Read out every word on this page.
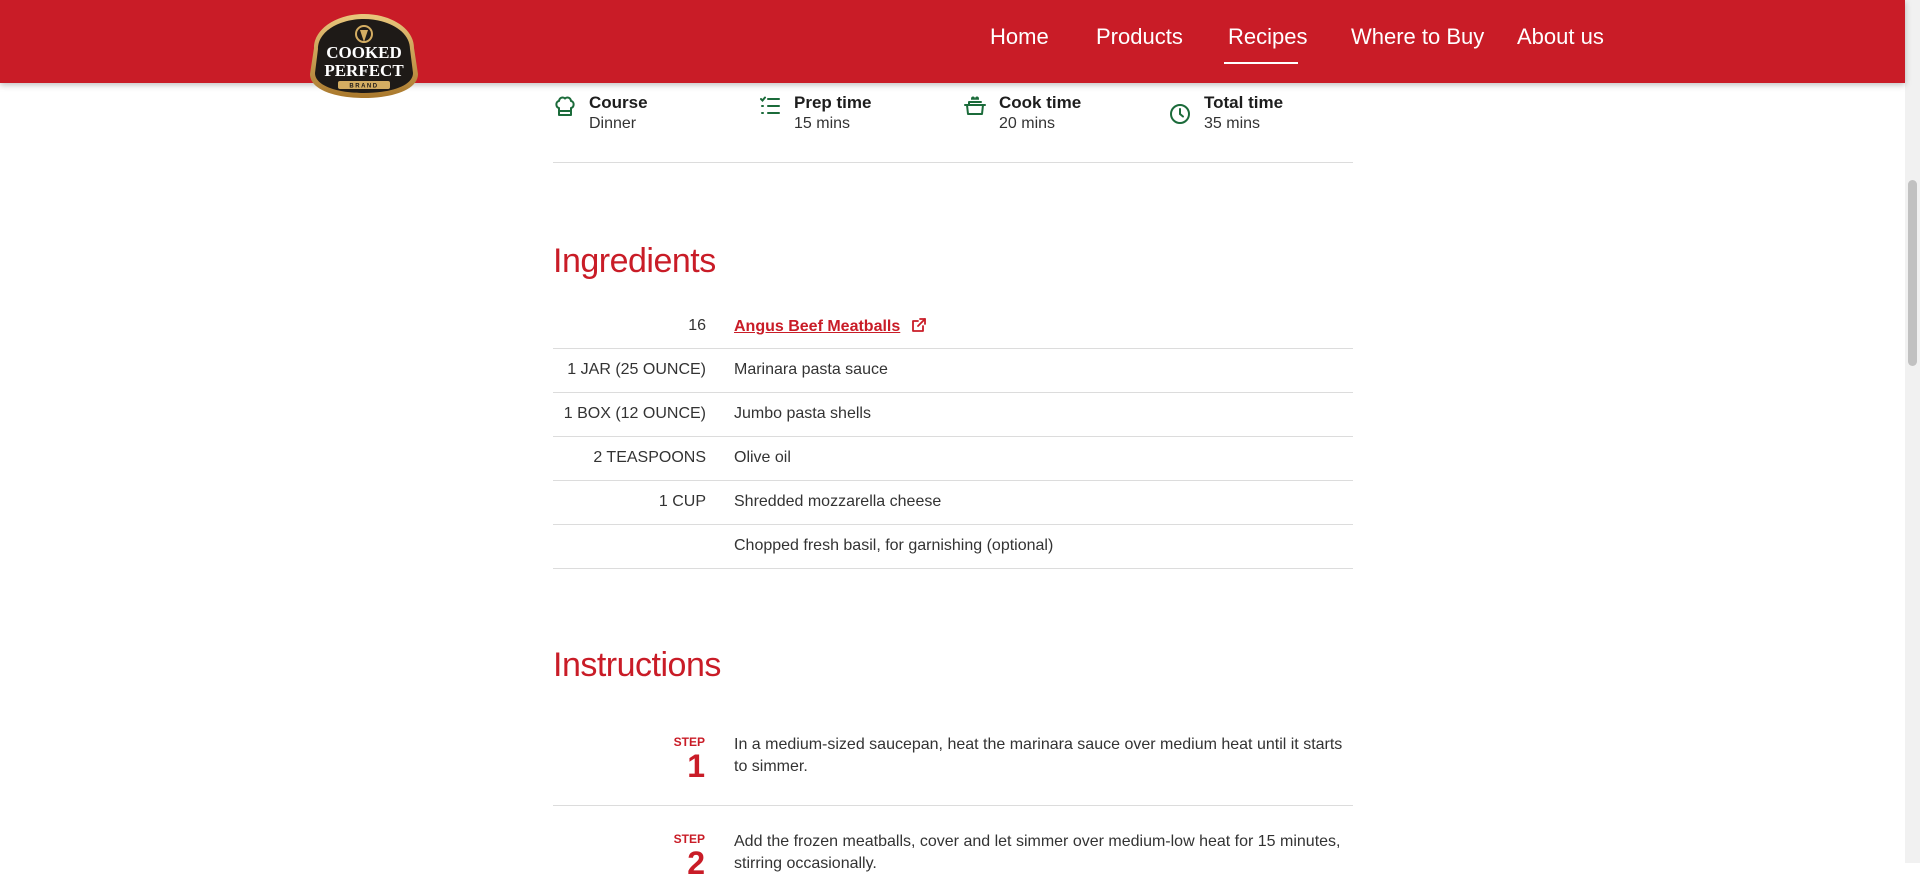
Home Products Recipes Where to Buy About us
COOKED
PERFECT
BRAND
Course
Dinner
Prep time
15 mins
Cook time
20 mins
Total time
35 mins
Ingredients
16 Angus Beef Meatballs
1 JAR (25 OUNCE) Marinara pasta sauce
1 BOX (12 OUNCE) Jumbo pasta shells
2 TEASPOONS Olive oil
1 CUP Shredded mozzarella cheese
Chopped fresh basil, for garnishing (optional)
Instructions
STEP
1
In a medium-sized saucepan, heat the marinara sauce over medium heat until it starts to simmer.
STEP
2
Add the frozen meatballs, cover and let simmer over medium-low heat for 15 minutes, stirring occasionally.
